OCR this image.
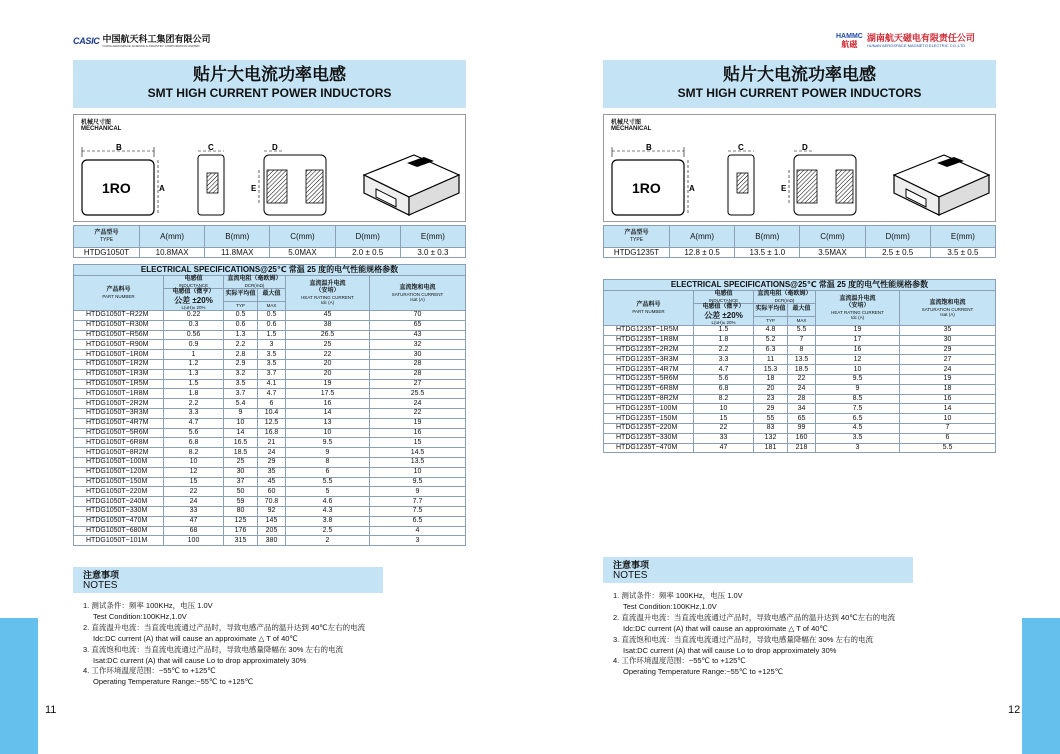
CASIC 中国航天科工集团有限公司
CHINA AEROSPACE SCIENCE & INDUSTRY CORPORATION LIMITED
贴片大电流功率电感
SMT HIGH CURRENT POWER INDUCTORS
机械尺寸图
MECHANICAL
B
1RO	A
C	D
E
产品型号
TYPE	A(mm)	B(mm)	C(mm)	D(mm)	E(mm)
HTDG1050T	10.8MAX	11.8MAX	5.0MAX	2.0 ± 0.5	3.0 ± 0.3
ELECTRICAL SPECIFICATIONS@25℃ 常温 25 度的电气性能规格参数					

产品料号
PART NUMBER	电感值
INDUCTANCE	直流电阻（毫欧姆）
DCR(mΩ)		直流温升电流
（安培）
HEAT RATING CURRENT
Idc (A)	直流饱和电流
SATURATION CURRENT
Isat (A)

	电感值（微亨）
公差 ±20%
L(uH)± 20%	实际平均值	最大值		

		TYP	MAX		

HTDG1050T−R22M	0.22	0.5	0.5	45	70
HTDG1050T−R30M	0.3	0.6	0.6	38	65
HTDG1050T−R56M	0.56	1.3	1.5	26.5	43
HTDG1050T−R90M	0.9	2.2	3	25	32
HTDG1050T−1R0M	1	2.8	3.5	22	30
HTDG1050T−1R2M	1.2	2.9	3.5	20	28
HTDG1050T−1R3M	1.3	3.2	3.7	20	28
HTDG1050T−1R5M	1.5	3.5	4.1	19	27
HTDG1050T−1R8M	1.8	3.7	4.7	17.5	25.5
HTDG1050T−2R2M	2.2	5.4	6	16	24
HTDG1050T−3R3M	3.3	9	10.4	14	22
HTDG1050T−4R7M	4.7	10	12.5	13	19
HTDG1050T−5R6M	5.6	14	16.8	10	16
HTDG1050T−6R8M	6.8	16.5	21	9.5	15
HTDG1050T−8R2M	8.2	18.5	24	9	14.5
HTDG1050T−100M	10	25	29	8	13.5
HTDG1050T−120M	12	30	35	6	10
HTDG1050T−150M	15	37	45	5.5	9.5
HTDG1050T−220M	22	50	60	5	9
HTDG1050T−240M	24	59	70.8	4.6	7.7
HTDG1050T−330M	33	80	92	4.3	7.5
HTDG1050T−470M	47	125	145	3.8	6.5
HTDG1050T−680M	68	176	205	2.5	4
HTDG1050T−101M	100	315	380	2	3
注意事项
NOTES
1. 测试条件：频率 100KHz，电压 1.0V
Test Condition:100KHz,1.0V
2. 直流温升电流：当直流电流通过产品时，导致电感产品的温升达到 40℃左右的电流
Idc:DC current (A) that will cause an approximate △ T of 40℃
3. 直流饱和电流：当直流电流通过产品时，导致电感量降幅在 30% 左右的电流
Isat:DC current (A) that will cause Lo to drop approximately 30%
4. 工作环境温度范围：−55℃ to +125℃
Operating Temperature Range:−55℃ to +125℃
11
HAMMC
航磁
湖南航天磁电有限责任公司
HUNAN AEROSPACE MAGNETO ELECTRIC CO.,LTD
贴片大电流功率电感
SMT HIGH CURRENT POWER INDUCTORS
机械尺寸图
MECHANICAL
B
1RO	A
C	D
E
产品型号
TYPE	A(mm)	B(mm)	C(mm)	D(mm)	E(mm)
HTDG1235T	12.8 ± 0.5	13.5 ± 1.0	3.5MAX	2.5 ± 0.5	3.5 ± 0.5
ELECTRICAL SPECIFICATIONS@25℃ 常温 25 度的电气性能规格参数					

产品料号
PART NUMBER	电感值
INDUCTANCE	直流电阻（毫欧姆）
DCR(mΩ)		直流温升电流
（安培）
HEAT RATING CURRENT
Idc (A)	直流饱和电流
SATURATION CURRENT
Isat (A)

	电感值（微亨）
公差 ±20%
L(uH)± 20%	实际平均值	最大值		

		TYP	MAX		

HTDG1235T−1R5M	1.5	4.8	5.5	19	35
HTDG1235T−1R8M	1.8	5.2	7	17	30
HTDG1235T−2R2M	2.2	6.3	8	16	29
HTDG1235T−3R3M	3.3	11	13.5	12	27
HTDG1235T−4R7M	4.7	15.3	18.5	10	24
HTDG1235T−5R6M	5.6	18	22	9.5	19
HTDG1235T−6R8M	6.8	20	24	9	18
HTDG1235T−8R2M	8.2	23	28	8.5	16
HTDG1235T−100M	10	29	34	7.5	14
HTDG1235T−150M	15	55	65	6.5	10
HTDG1235T−220M	22	83	99	4.5	7
HTDG1235T−330M	33	132	160	3.5	6
HTDG1235T−470M	47	181	218	3	5.5
注意事项
NOTES
1. 测试条件：频率 100KHz，电压 1.0V
Test Condition:100KHz,1.0V
2. 直流温升电流：当直流电流通过产品时，导致电感产品的温升达到 40℃左右的电流
Idc:DC current (A) that will cause an approximate △ T of 40℃
3. 直流饱和电流：当直流电流通过产品时，导致电感量降幅在 30% 左右的电流
Isat:DC current (A) that will cause Lo to drop approximately 30%
4. 工作环境温度范围：−55℃ to +125℃
Operating Temperature Range:−55℃ to +125℃
12
